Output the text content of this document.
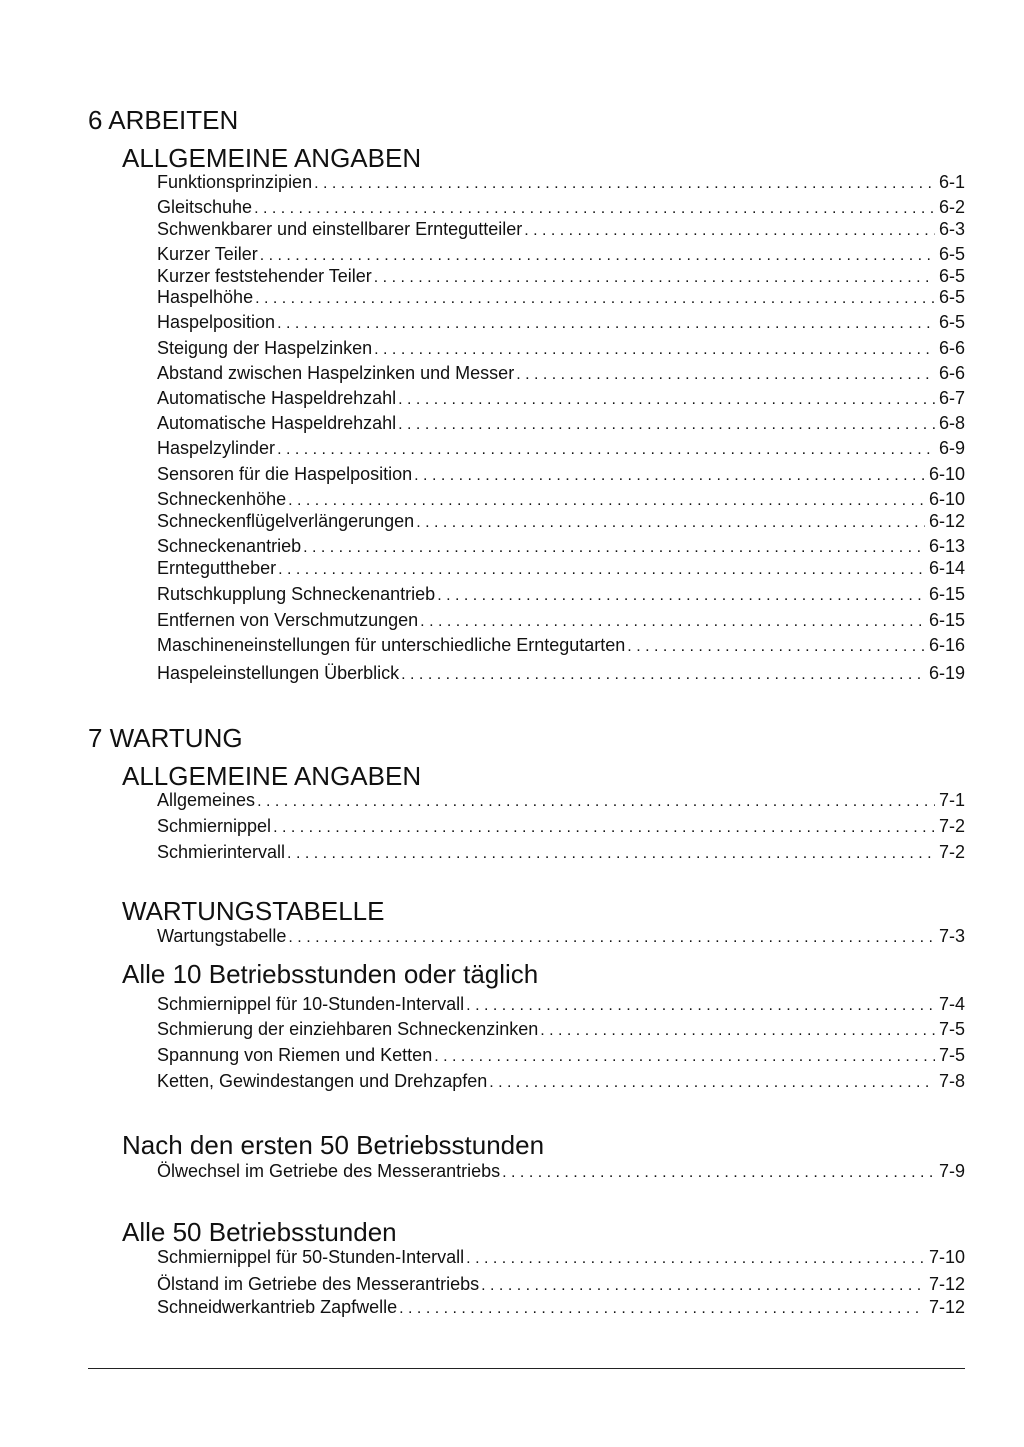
6 ARBEITEN
ALLGEMEINE ANGABEN
Funktionsprinzipien . . .	6-1
Gleitschuhe . . .	6-2
Schwenkbarer und einstellbarer Erntegutteiler . . .	6-3
Kurzer Teiler . . .	6-5
Kurzer feststehender Teiler . . .	6-5
Haspelhöhe . . .	6-5
Haspelposition . . .	6-5
Steigung der Haspelzinken . . .	6-6
Abstand zwischen Haspelzinken und Messer . . .	6-6
Automatische Haspeldrehzahl . . .	6-7
Automatische Haspeldrehzahl . . .	6-8
Haspelzylinder . . .	6-9
Sensoren für die Haspelposition . . .	6-10
Schneckenhöhe . . .	6-10
Schneckenflügelverlängerungen . . .	6-12
Schneckenantrieb . . .	6-13
Ernteguttheber . . .	6-14
Rutschkupplung Schneckenantrieb . . .	6-15
Entfernen von Verschmutzungen . . .	6-15
Maschineneinstellungen für unterschiedliche Erntegutarten . . .	6-16
Haspeleinstellungen Überblick . . .	6-19
7 WARTUNG
ALLGEMEINE ANGABEN
Allgemeines . . .	7-1
Schmiernippel . . .	7-2
Schmierintervall . . .	7-2
WARTUNGSTABELLE
Wartungstabelle . . .	7-3
Alle 10 Betriebsstunden oder täglich
Schmiernippel für 10-Stunden-Intervall . . .	7-4
Schmierung der einziehbaren Schneckenzinken . . .	7-5
Spannung von Riemen und Ketten . . .	7-5
Ketten, Gewindestangen und Drehzapfen . . .	7-8
Nach den ersten 50 Betriebsstunden
Ölwechsel im Getriebe des Messerantriebs . . .	7-9
Alle 50 Betriebsstunden
Schmiernippel für 50-Stunden-Intervall . . .	7-10
Ölstand im Getriebe des Messerantriebs . . .	7-12
Schneidwerkantrieb Zapfwelle . . .	7-12
